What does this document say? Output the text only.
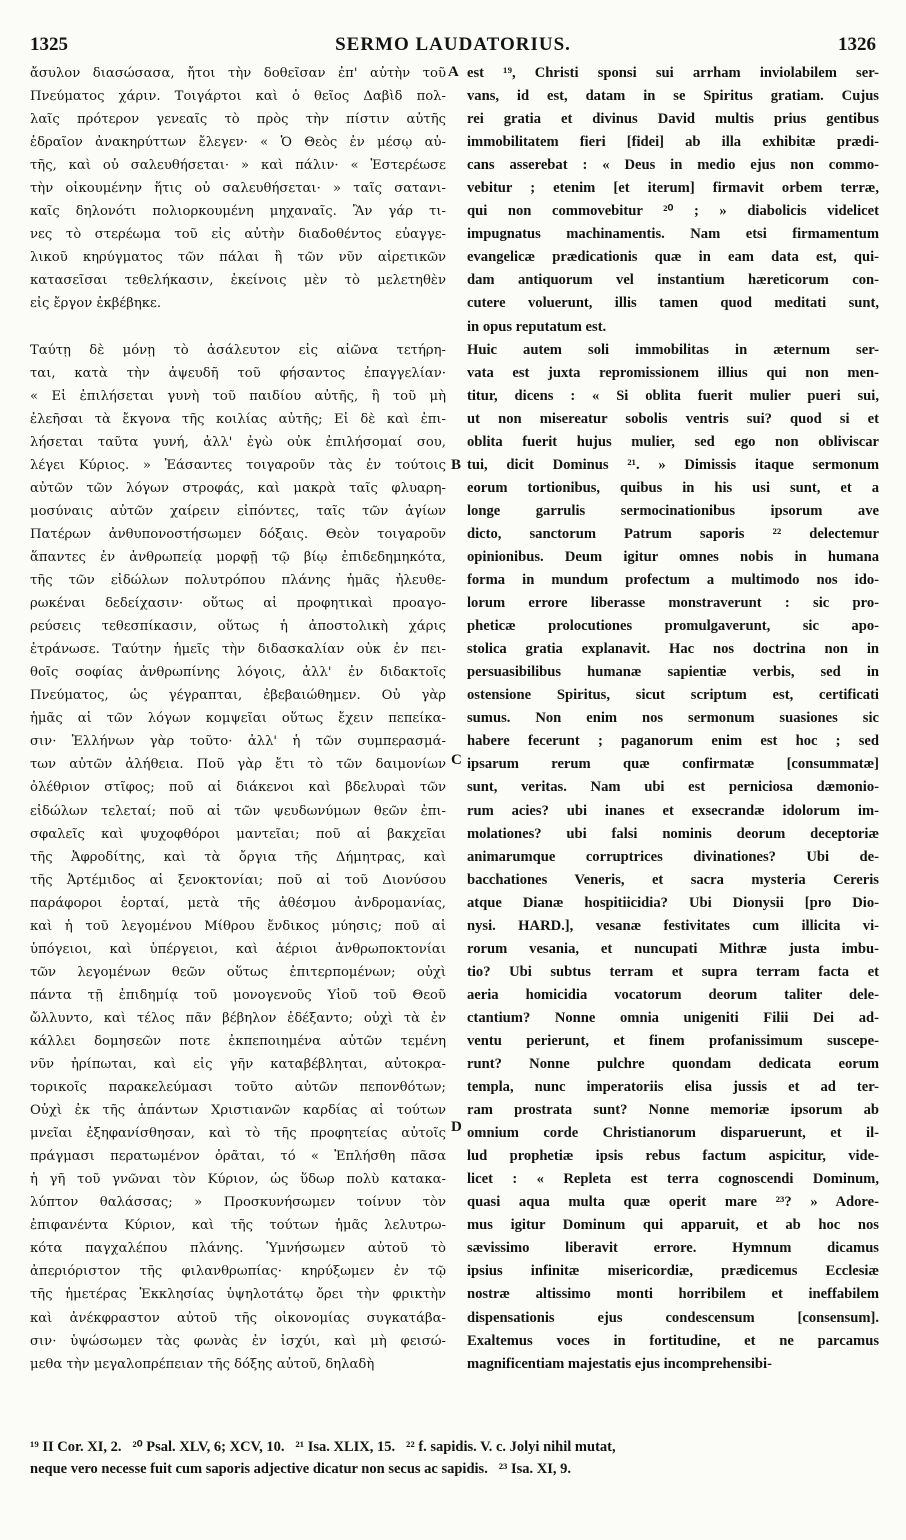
1325	SERMO LAUDATORIUS.	1326
ἄσυλον διασώσασα, ἤτοι τὴν δοθεῖσαν ἐπ' αὐτὴν τοῦ
Πνεύματος χάριν. Τοιγάρτοι καὶ ὁ θεῖος Δαβὶδ πολ-
λαῖς πρότερον γενεαῖς τὸ πρὸς τὴν πίστιν αὐτῆς
ἑδραῖον ἀνακηρύττων ἔλεγεν· « Ὁ Θεὸς ἐν μέσῳ αὐ-
τῆς, καὶ οὐ σαλευθήσεται· » καὶ πάλιν· « Ἐστερέωσε
τὴν οἰκουμένην ἥτις οὐ σαλευθήσεται· » ταῖς σατανι-
καῖς δηλονότι πολιορκουμένη μηχαναῖς. Ἂν γάρ τι-
νες τὸ στερέωμα τοῦ εἰς αὐτὴν διαδοθέντος εὐαγγε-
λικοῦ κηρύγματος τῶν πάλαι ἢ τῶν νῦν αἱρετικῶν
κατασεῖσαι τεθελήκασιν, ἐκείνοις μὲν τὸ μελετηθὲν
εἰς ἔργον ἐκβέβηκε.
Ταύτῃ δὲ μόνῃ τὸ ἀσάλευτον εἰς αἰῶνα τετήρη-
ται, κατὰ τὴν ἀψευδῆ τοῦ φήσαντος ἐπαγγελίαν·
« Εἰ ἐπιλήσεται γυνὴ τοῦ παιδίου αὐτῆς, ἢ τοῦ μὴ
ἐλεῆσαι τὰ ἔκγονα τῆς κοιλίας αὐτῆς; Εἰ δὲ καὶ ἐπι-
λήσεται ταῦτα γυνή, ἀλλ' ἐγὼ οὐκ ἐπιλήσομαί σου,
λέγει Κύριος. » Ἐάσαντες τοιγαροῦν τὰς ἐν τούτοις
αὐτῶν τῶν λόγων στροφάς, καὶ μακρὰ ταῖς φλυαρη-
μοσύναις αὐτῶν χαίρειν εἰπόντες, ταῖς τῶν ἁγίων
Πατέρων ἀνθυπονοστήσωμεν δόξαις. Θεὸν τοιγαροῦν
ἅπαντες ἐν ἀνθρωπείᾳ μορφῇ τῷ βίῳ ἐπιδεδημηκότα,
τῆς τῶν εἰδώλων πολυτρόπου πλάνης ἡμᾶς ἠλευθε-
ρωκέναι δεδείχασιν· οὕτως αἱ προφητικαὶ προαγο-
ρεύσεις τεθεσπίκασιν, οὕτως ἡ ἀποστολικὴ χάρις
ἐτράνωσε. Ταύτην ἡμεῖς τὴν διδασκαλίαν οὐκ ἐν πει-
θοῖς σοφίας ἀνθρωπίνης λόγοις, ἀλλ' ἐν διδακτοῖς
Πνεύματος, ὡς γέγραπται, ἐβεβαιώθημεν. Οὐ γὰρ
ἡμᾶς αἱ τῶν λόγων κομψεῖαι οὕτως ἔχειν πεπείκα-
σιν· Ἑλλήνων γὰρ τοῦτο· ἀλλ' ἡ τῶν συμπερασμά-
των αὐτῶν ἀλήθεια. Ποῦ γὰρ ἔτι τὸ τῶν δαιμονίων
ὀλέθριον στῖφος; ποῦ αἱ διάκενοι καὶ βδελυραὶ τῶν
εἰδώλων τελεταί; ποῦ αἱ τῶν ψευδωνύμων θεῶν ἐπι-
σφαλεῖς καὶ ψυχοφθόροι μαντεῖαι; ποῦ αἱ βακχεῖαι
τῆς Ἀφροδίτης, καὶ τὰ ὄργια τῆς Δήμητρας, καὶ
τῆς Ἀρτέμιδος αἱ ξενοκτονίαι; ποῦ αἱ τοῦ Διονύσου
παράφοροι ἑορταί, μετὰ τῆς ἀθέσμου ἀνδρομανίας,
καὶ ἡ τοῦ λεγομένου Μίθρου ἔνδικος μύησις; ποῦ αἱ
ὑπόγειοι, καὶ ὑπέργειοι, καὶ ἀέριοι ἀνθρωποκτονίαι
τῶν λεγομένων θεῶν οὕτως ἐπιτερπομένων; οὐχὶ
πάντα τῇ ἐπιδημίᾳ τοῦ μονογενοῦς Υἱοῦ τοῦ Θεοῦ
ὤλλυντο, καὶ τέλος πᾶν βέβηλον ἐδέξαντο; οὐχὶ τὰ ἐν
κάλλει δομησεῶν ποτε ἐκπεποιημένα αὐτῶν τεμένη
νῦν ἠρίπωται, καὶ εἰς γῆν καταβέβληται, αὐτοκρα-
τορικοῖς παρακελεύμασι τοῦτο αὐτῶν πεπονθότων;
Οὐχὶ ἐκ τῆς ἁπάντων Χριστιανῶν καρδίας αἱ τούτων
μνεῖαι ἐξηφανίσθησαν, καὶ τὸ τῆς προφητείας αὐτοῖς
πράγμασι περατωμένον ὁρᾶται, τό « Ἐπλήσθη πᾶσα
ἡ γῆ τοῦ γνῶναι τὸν Κύριον, ὡς ὕδωρ πολὺ κατακα-
λύπτον θαλάσσας; » Προσκυνήσωμεν τοίνυν τὸν
ἐπιφανέντα Κύριον, καὶ τῆς τούτων ἡμᾶς λελυτρω-
κότα παγχαλέπου πλάνης. Ὑμνήσωμεν αὐτοῦ τὸ
ἀπεριόριστον τῆς φιλανθρωπίας· κηρύξωμεν ἐν τῷ
τῆς ἡμετέρας Ἐκκλησίας ὑψηλοτάτῳ ὄρει τὴν φρικτὴν
καὶ ἀνέκφραστον αὐτοῦ τῆς οἰκονομίας συγκατάβα-
σιν· ὑψώσωμεν τὰς φωνὰς ἐν ἰσχύι, καὶ μὴ φεισώ-
μεθα τὴν μεγαλοπρέπειαν τῆς δόξης αὐτοῦ, δηλαδὴ
est ¹⁹, Christi sponsi sui arrham inviolabilem ser-
vans, id est, datam in se Spiritus gratiam. Cujus
rei gratia et divinus David multis prius gentibus
immobilitatem fieri [fidei] ab illa exhibitæ prædi-
cans asserebat : « Deus in medio ejus non commo-
vebitur ; etenim [et iterum] firmavit orbem terræ,
qui non commovebitur ²⁰ ; » diabolicis videlicet
impugnatus machinamentis. Nam etsi firmamentum
evangelicæ prædicationis quæ in eam data est, qui-
dam antiquorum vel instantium hæreticorum con-
cutere voluerunt, illis tamen quod meditati sunt,
in opus reputatum est.
Huic autem soli immobilitas in æternum ser-
vata est juxta repromissionem illius qui non men-
titur, dicens : « Si oblita fuerit mulier pueri sui,
ut non misereatur sobolis ventris sui? quod si et
oblita fuerit hujus mulier, sed ego non obliviscar
tui, dicit Dominus ²¹. » Dimissis itaque sermonum
eorum tortionibus, quibus in his usi sunt, et a
longe garrulis sermocinationibus ipsorum ave
dicto, sanctorum Patrum saporis ²² delectemur
opinionibus. Deum igitur omnes nobis in humana
forma in mundum profectum a multimodo nos ido-
lorum errore liberasse monstraverunt : sic pro-
pheticæ prolocutiones promulgaverunt, sic apo-
stolica gratia explanavit. Hac nos doctrina non in
persuasibilibus humanæ sapientiæ verbis, sed in
ostensione Spiritus, sicut scriptum est, certificati
sumus. Non enim nos sermonum suasiones sic
habere fecerunt ; paganorum enim est hoc ; sed
ipsarum rerum quæ confirmatæ [consummatæ]
sunt, veritas. Nam ubi est perniciosa dæmonio-
rum acies? ubi inanes et exsecrandæ idolorum im-
molationes? ubi falsi nominis deorum deceptoriæ
animarumque corruptrices divinationes? Ubi de-
bacchationes Veneris, et sacra mysteria Cereris
atque Dianæ hospitiicidia? Ubi Dionysii [pro Dio-
nysi. HARD.], vesanæ festivitates cum illicita vi-
rorum vesania, et nuncupati Mithræ justa imbu-
tio? Ubi subtus terram et supra terram facta et
aeria homicidia vocatorum deorum taliter dele-
ctantium? Nonne omnia unigeniti Filii Dei ad-
ventu perierunt, et finem profanissimum suscepe-
runt? Nonne pulchre quondam dedicata eorum
templa, nunc imperatoriis elisa jussis et ad ter-
ram prostrata sunt? Nonne memoriæ ipsorum ab
omnium corde Christianorum disparuerunt, et il-
lud prophetiæ ipsis rebus factum aspicitur, vide-
licet : « Repleta est terra cognoscendi Dominum,
quasi aqua multa quæ operit mare ²³? » Adore-
mus igitur Dominum qui apparuit, et ab hoc nos
sævissimo liberavit errore. Hymnum dicamus
ipsius infinitæ misericordiæ, prædicemus Ecclesiæ
nostræ altissimo monti horribilem et ineffabilem
dispensationis ejus condescensum [consensum].
Exaltemus voces in fortitudine, et ne parcamus
magnificentiam majestatis ejus incomprehensibi-
A
B
C
D
¹⁹ II Cor. XI, 2.   ²⁰ Psal. XLV, 6; XCV, 10.   ²¹ Isa. XLIX, 15.   ²² f. sapidis. V. c. Jolyi nihil mutat,
neque vero necesse fuit cum saporis adjective dicatur non secus ac sapidis.   ²³ Isa. XI, 9.
